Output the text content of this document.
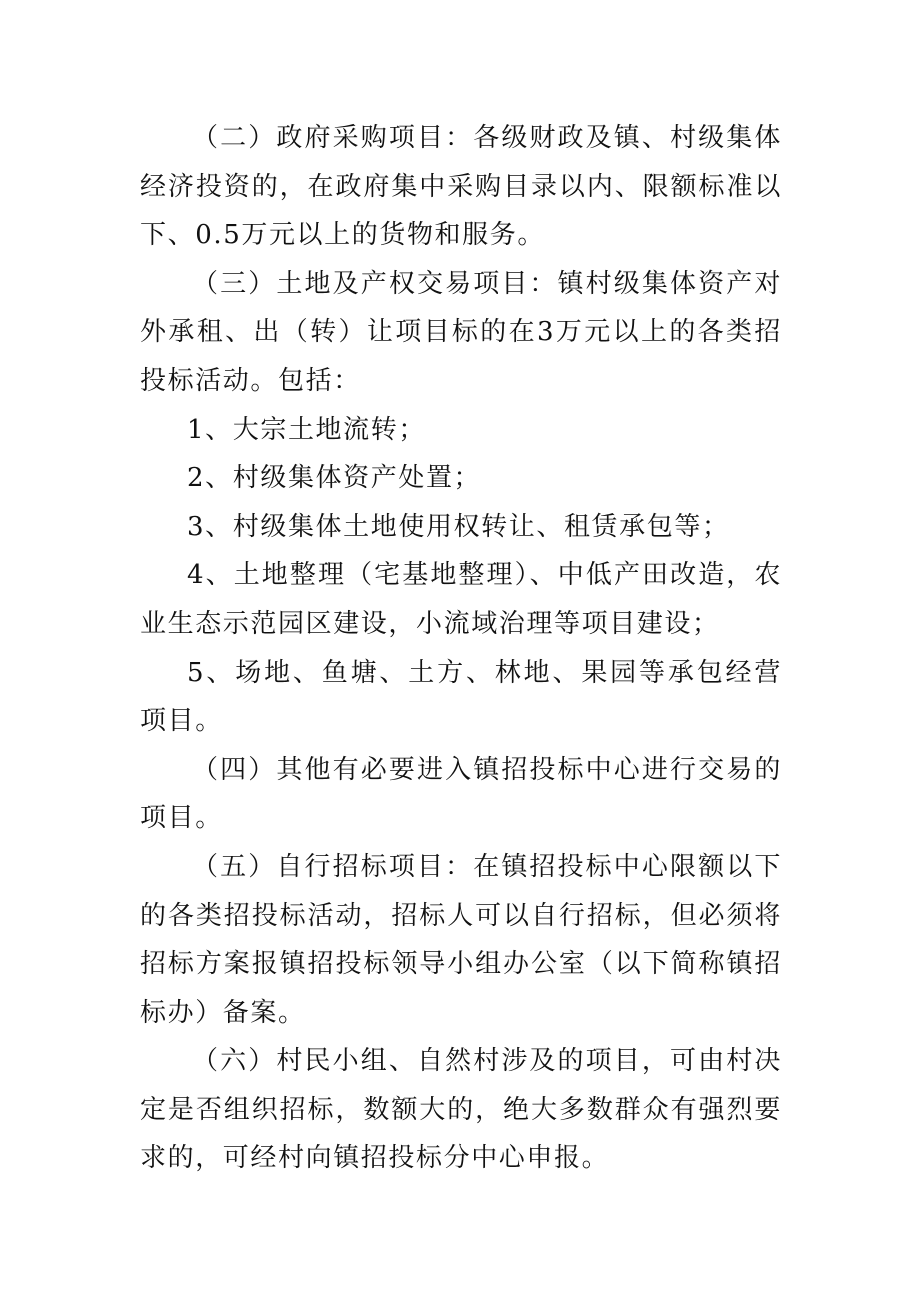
（二）政府采购项目：各级财政及镇、村级集体经济投资的，在政府集中采购目录以内、限额标准以下、0.5万元以上的货物和服务。

（三）土地及产权交易项目：镇村级集体资产对外承租、出（转）让项目标的在3万元以上的各类招投标活动。包括：

1、大宗土地流转；

2、村级集体资产处置；

3、村级集体土地使用权转让、租赁承包等；

4、土地整理（宅基地整理）、中低产田改造，农业生态示范园区建设，小流域治理等项目建设；

5、场地、鱼塘、土方、林地、果园等承包经营项目。

（四）其他有必要进入镇招投标中心进行交易的项目。

（五）自行招标项目：在镇招投标中心限额以下的各类招投标活动，招标人可以自行招标，但必须将招标方案报镇招投标领导小组办公室（以下简称镇招标办）备案。

（六）村民小组、自然村涉及的项目，可由村决定是否组织招标，数额大的，绝大多数群众有强烈要求的，可经村向镇招投标分中心申报。
